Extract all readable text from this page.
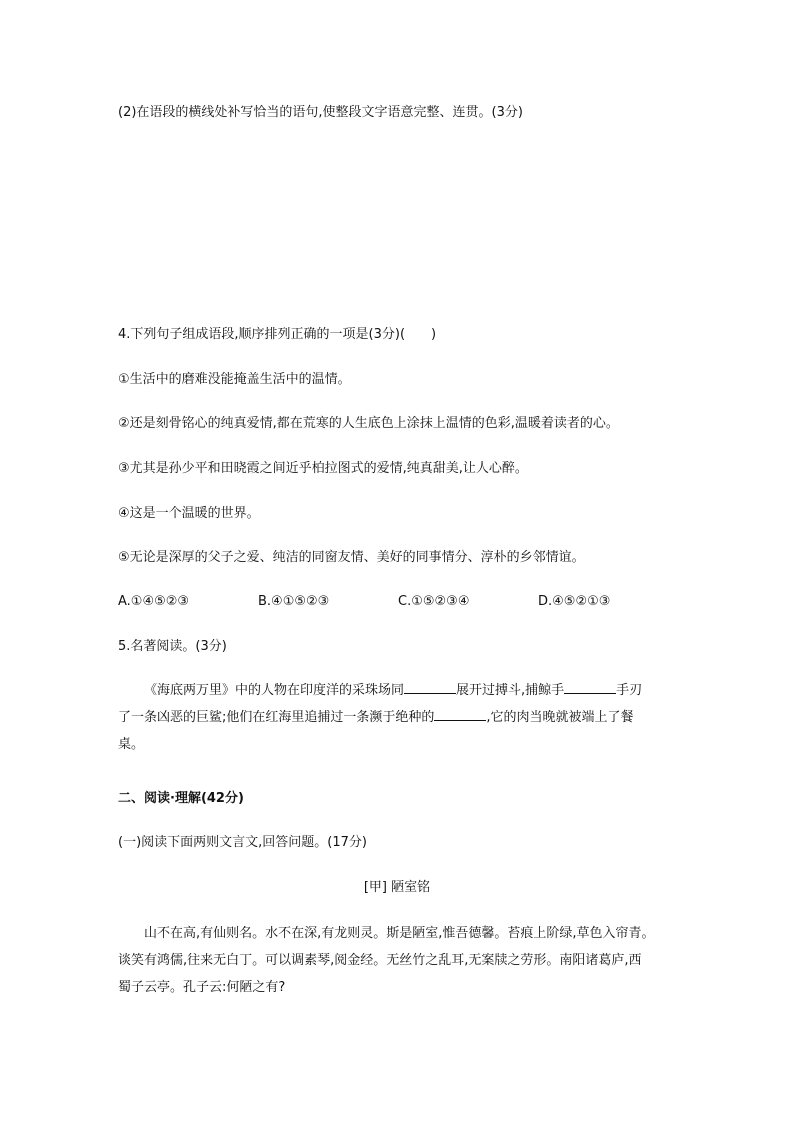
(2)在语段的横线处补写恰当的语句,使整段文字语意完整、连贯。(3分)
4.下列句子组成语段,顺序排列正确的一项是(3分)(　　)
①生活中的磨难没能掩盖生活中的温情。
②还是刻骨铭心的纯真爱情,都在荒寒的人生底色上涂抹上温情的色彩,温暖着读者的心。
③尤其是孙少平和田晓霞之间近乎柏拉图式的爱情,纯真甜美,让人心醉。
④这是一个温暖的世界。
⑤无论是深厚的父子之爱、纯洁的同窗友情、美好的同事情分、淳朴的乡邻情谊。
A.①④⑤②③	B.④①⑤②③	C.①⑤②③④	D.④⑤②①③
5.名著阅读。(3分)
《海底两万里》中的人物在印度洋的采珠场同	展开过搏斗,捕鲸手	手刃
了一条凶恶的巨鲨;他们在红海里追捕过一条濒于绝种的	,它的肉当晚就被端上了餐
桌。
二、阅读·理解(42分)
(一)阅读下面两则文言文,回答问题。(17分)
[甲] 陋室铭
山不在高,有仙则名。水不在深,有龙则灵。斯是陋室,惟吾德馨。苔痕上阶绿,草色入帘青。
谈笑有鸿儒,往来无白丁。可以调素琴,阅金经。无丝竹之乱耳,无案牍之劳形。南阳诸葛庐,西
蜀子云亭。孔子云:何陋之有?
